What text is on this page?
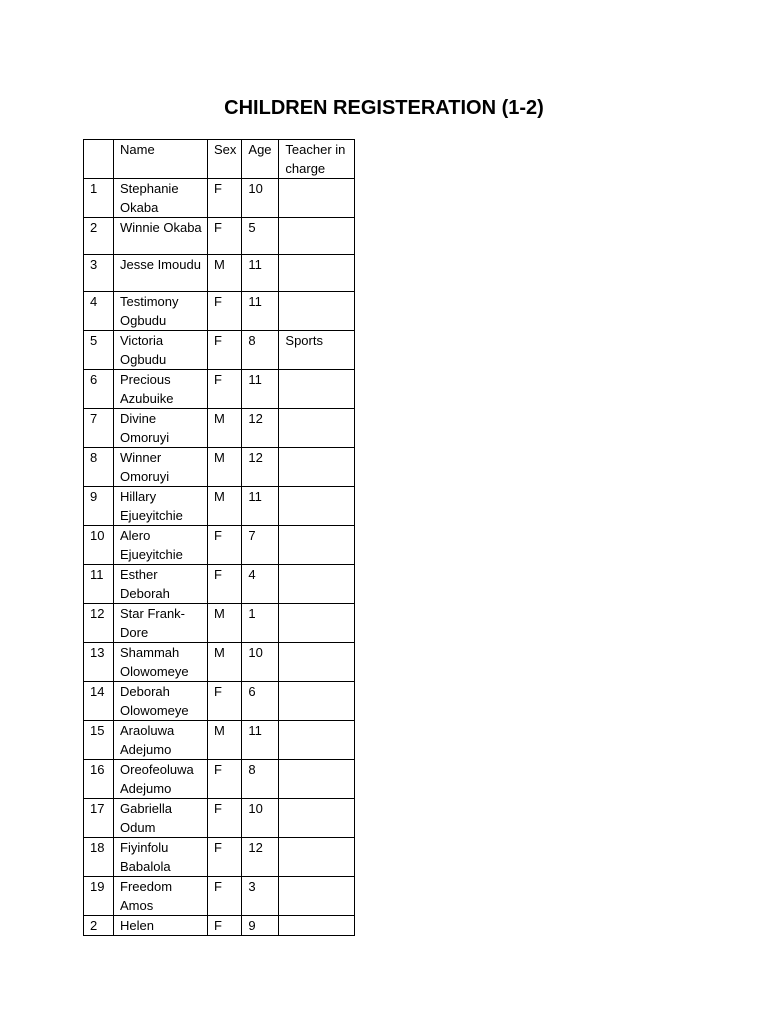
CHILDREN REGISTERATION (1-2)
	Name	Sex	Age	Teacher in charge
1	Stephanie Okaba	F	10	
2	Winnie Okaba	F	5	
3	Jesse Imoudu	M	11	
4	Testimony Ogbudu	F	11	
5	Victoria Ogbudu	F	8	Sports
6	Precious Azubuike	F	11	
7	Divine Omoruyi	M	12	
8	Winner Omoruyi	M	12	
9	Hillary Ejueyitchie	M	11	
10	Alero Ejueyitchie	F	7	
11	Esther Deborah	F	4	
12	Star Frank-Dore	M	1	
13	Shammah Olowomeye	M	10	
14	Deborah Olowomeye	F	6	
15	Araoluwa Adejumo	M	11	
16	Oreofeoluwa Adejumo	F	8	
17	Gabriella Odum	F	10	
18	Fiyinfolu Babalola	F	12	
19	Freedom Amos	F	3	
2	Helen	F	9	
